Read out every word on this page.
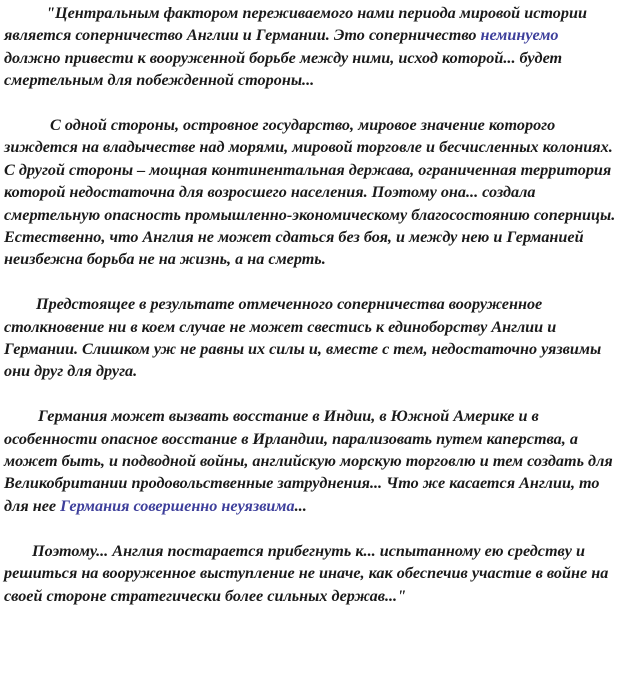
"Центральным фактором переживаемого нами периода мировой истории является соперничество Англии и Германии. Это соперничество неминуемо должно привести к вооруженной борьбе между ними, исход которой... будет смертельным для побежденной стороны...

С одной стороны, островное государство, мировое значение которого зиждется на владычестве над морями, мировой торговле и бесчисленных колониях. С другой стороны – мощная континентальная держава, ограниченная территория которой недостаточна для возросшего населения. Поэтому она... создала смертельную опасность промышленно-экономическому благосостоянию соперницы. Естественно, что Англия не может сдаться без боя, и между нею и Германией неизбежна борьба не на жизнь, а на смерть.

Предстоящее в результате отмеченного соперничества вооруженное столкновение ни в коем случае не может свестись к единоборству Англии и Германии. Слишком уж не равны их силы и, вместе с тем, недостаточно уязвимы они друг для друга.

Германия может вызвать восстание в Индии, в Южной Америке и в особенности опасное восстание в Ирландии, парализовать путем каперства, а может быть, и подводной войны, английскую морскую торговлю и тем создать для Великобритании продовольственные затруднения... Что же касается Англии, то для нее Германия совершенно неуязвима...

Поэтому... Англия постарается прибегнуть к... испытанному ею средству и решиться на вооруженное выступление не иначе, как обеспечив участие в войне на своей стороне стратегически более сильных держав..."
